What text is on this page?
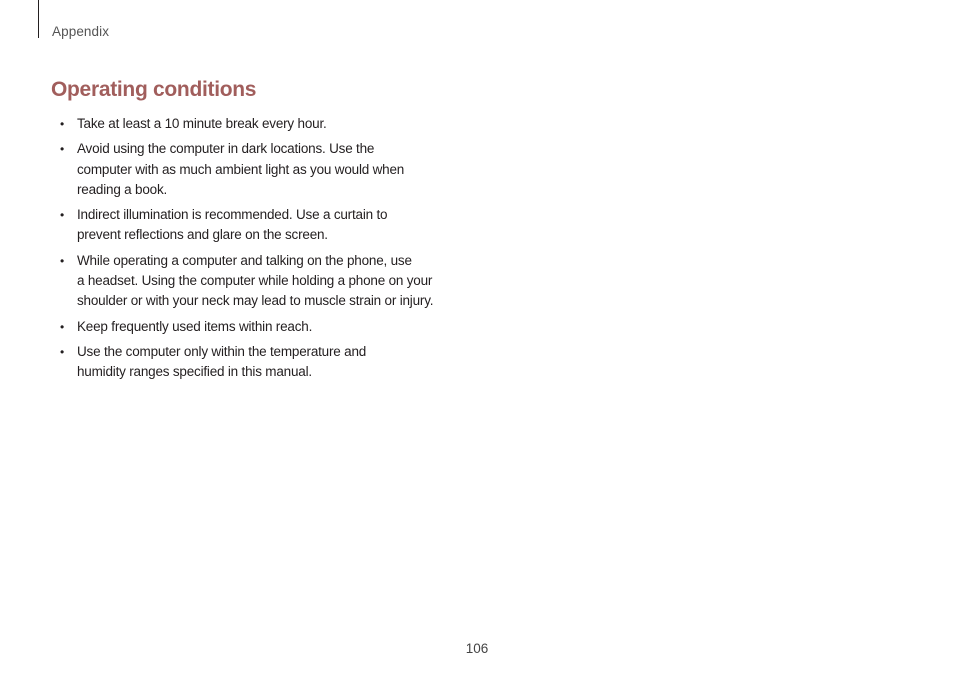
Appendix
Operating conditions
• Take at least a 10 minute break every hour.
• Avoid using the computer in dark locations. Use the
computer with as much ambient light as you would when
reading a book.
• Indirect illumination is recommended. Use a curtain to
prevent reflections and glare on the screen.
• While operating a computer and talking on the phone, use
a headset. Using the computer while holding a phone on your
shoulder or with your neck may lead to muscle strain or injury.
• Keep frequently used items within reach.
• Use the computer only within the temperature and
humidity ranges specified in this manual.
106
